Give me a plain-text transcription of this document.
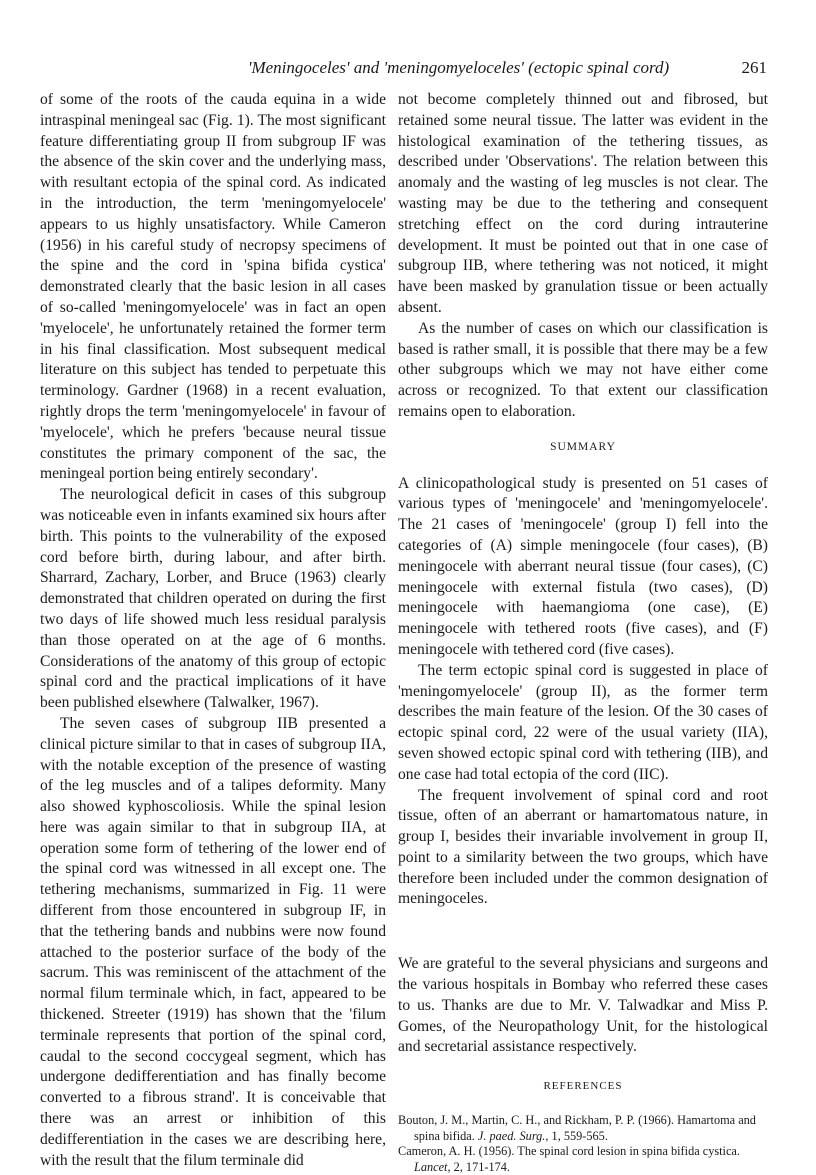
'Meningoceles' and 'meningomyeloceles' (ectopic spinal cord)	261

of some of the roots of the cauda equina in a wide intraspinal meningeal sac (Fig. 1). The most significant feature differentiating group II from subgroup IF was the absence of the skin cover and the underlying mass, with resultant ectopia of the spinal cord. As indicated in the introduction, the term 'meningomyelocele' appears to us highly unsatisfactory. While Cameron (1956) in his careful study of necropsy specimens of the spine and the cord in 'spina bifida cystica' demonstrated clearly that the basic lesion in all cases of so-called 'meningomyelocele' was in fact an open 'myelocele', he unfortunately retained the former term in his final classification. Most subsequent medical literature on this subject has tended to perpetuate this terminology. Gardner (1968) in a recent evaluation, rightly drops the term 'meningomyelocele' in favour of 'myelocele', which he prefers 'because neural tissue constitutes the primary component of the sac, the meningeal portion being entirely secondary'.

The neurological deficit in cases of this subgroup was noticeable even in infants examined six hours after birth. This points to the vulnerability of the exposed cord before birth, during labour, and after birth. Sharrard, Zachary, Lorber, and Bruce (1963) clearly demonstrated that children operated on during the first two days of life showed much less residual paralysis than those operated on at the age of 6 months. Considerations of the anatomy of this group of ectopic spinal cord and the practical implications of it have been published elsewhere (Talwalker, 1967).

The seven cases of subgroup IIB presented a clinical picture similar to that in cases of subgroup IIA, with the notable exception of the presence of wasting of the leg muscles and of a talipes deformity. Many also showed kyphoscoliosis. While the spinal lesion here was again similar to that in subgroup IIA, at operation some form of tethering of the lower end of the spinal cord was witnessed in all except one. The tethering mechanisms, summarized in Fig. 11 were different from those encountered in subgroup IF, in that the tethering bands and nubbins were now found attached to the posterior surface of the body of the sacrum. This was reminiscent of the attachment of the normal filum terminale which, in fact, appeared to be thickened. Streeter (1919) has shown that the 'filum terminale represents that portion of the spinal cord, caudal to the second coccygeal segment, which has undergone dedifferentiation and has finally become converted to a fibrous strand'. It is conceivable that there was an arrest or inhibition of this dedifferentiation in the cases we are describing here, with the result that the filum terminale did

not become completely thinned out and fibrosed, but retained some neural tissue. The latter was evident in the histological examination of the tethering tissues, as described under 'Observations'. The relation between this anomaly and the wasting of leg muscles is not clear. The wasting may be due to the tethering and consequent stretching effect on the cord during intrauterine development. It must be pointed out that in one case of subgroup IIB, where tethering was not noticed, it might have been masked by granulation tissue or been actually absent.

As the number of cases on which our classification is based is rather small, it is possible that there may be a few other subgroups which we may not have either come across or recognized. To that extent our classification remains open to elaboration.

SUMMARY

A clinicopathological study is presented on 51 cases of various types of 'meningocele' and 'meningomyelocele'. The 21 cases of 'meningocele' (group I) fell into the categories of (A) simple meningocele (four cases), (B) meningocele with aberrant neural tissue (four cases), (C) meningocele with external fistula (two cases), (D) meningocele with haemangioma (one case), (E) meningocele with tethered roots (five cases), and (F) meningocele with tethered cord (five cases).

The term ectopic spinal cord is suggested in place of 'meningomyelocele' (group II), as the former term describes the main feature of the lesion. Of the 30 cases of ectopic spinal cord, 22 were of the usual variety (IIA), seven showed ectopic spinal cord with tethering (IIB), and one case had total ectopia of the cord (IIC).

The frequent involvement of spinal cord and root tissue, often of an aberrant or hamartomatous nature, in group I, besides their invariable involvement in group II, point to a similarity between the two groups, which have therefore been included under the common designation of meningoceles.

We are grateful to the several physicians and surgeons and the various hospitals in Bombay who referred these cases to us. Thanks are due to Mr. V. Talwadkar and Miss P. Gomes, of the Neuropathology Unit, for the histological and secretarial assistance respectively.

REFERENCES

Bouton, J. M., Martin, C. H., and Rickham, P. P. (1966). Hamartoma and spina bifida. J. paed. Surg., 1, 559-565.

Cameron, A. H. (1956). The spinal cord lesion in spina bifida cystica. Lancet, 2, 171-174.
